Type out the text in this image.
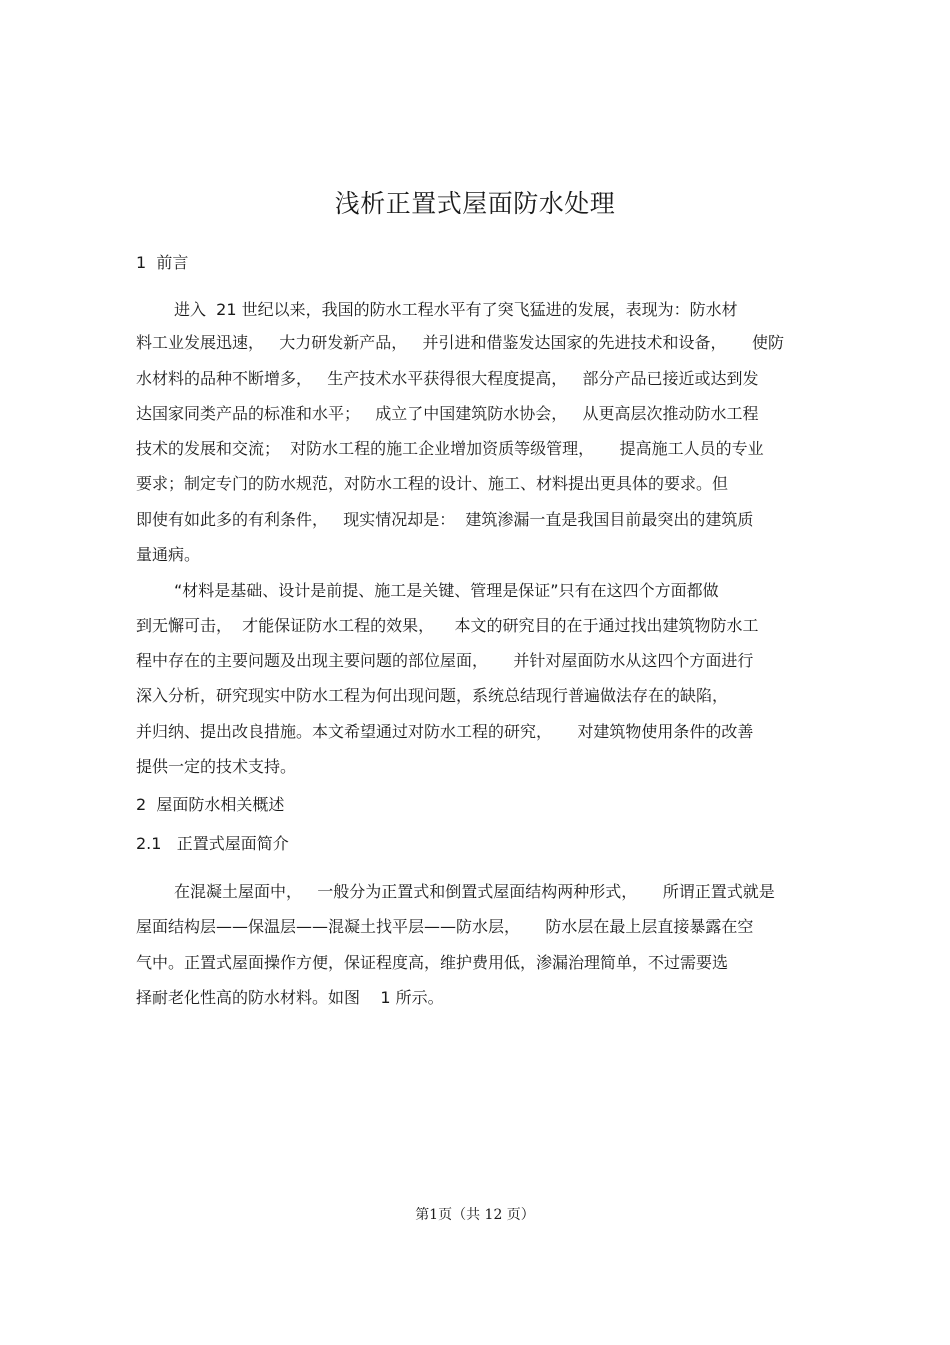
浅析正置式屋面防水处理
1  前言
进入  21 世纪以来，我国的防水工程水平有了突飞猛进的发展，表现为：防水材
料工业发展迅速，   大力研发新产品，   并引进和借鉴发达国家的先进技术和设备，     使防
水材料的品种不断增多，   生产技术水平获得很大程度提高，   部分产品已接近或达到发
达国家同类产品的标准和水平；   成立了中国建筑防水协会，   从更高层次推动防水工程
技术的发展和交流；  对防水工程的施工企业增加资质等级管理，     提高施工人员的专业
要求；制定专门的防水规范，对防水工程的设计、施工、材料提出更具体的要求。但
即使有如此多的有利条件，   现实情况却是：  建筑渗漏一直是我国目前最突出的建筑质
量通病。
“材料是基础、设计是前提、施工是关键、管理是保证”只有在这四个方面都做
到无懈可击，  才能保证防水工程的效果，    本文的研究目的在于通过找出建筑物防水工
程中存在的主要问题及出现主要问题的部位屋面，     并针对屋面防水从这四个方面进行
深入分析，研究现实中防水工程为何出现问题，系统总结现行普遍做法存在的缺陷，
并归纳、提出改良措施。本文希望通过对防水工程的研究，     对建筑物使用条件的改善
提供一定的技术支持。
2  屋面防水相关概述
2.1   正置式屋面简介
在混凝土屋面中，   一般分为正置式和倒置式屋面结构两种形式，     所谓正置式就是
屋面结构层——保温层——混凝土找平层——防水层，     防水层在最上层直接暴露在空
气中。正置式屋面操作方便，保证程度高，维护费用低，渗漏治理简单，不过需要选
择耐老化性高的防水材料。如图    1 所示。
第1页（共 12 页）
